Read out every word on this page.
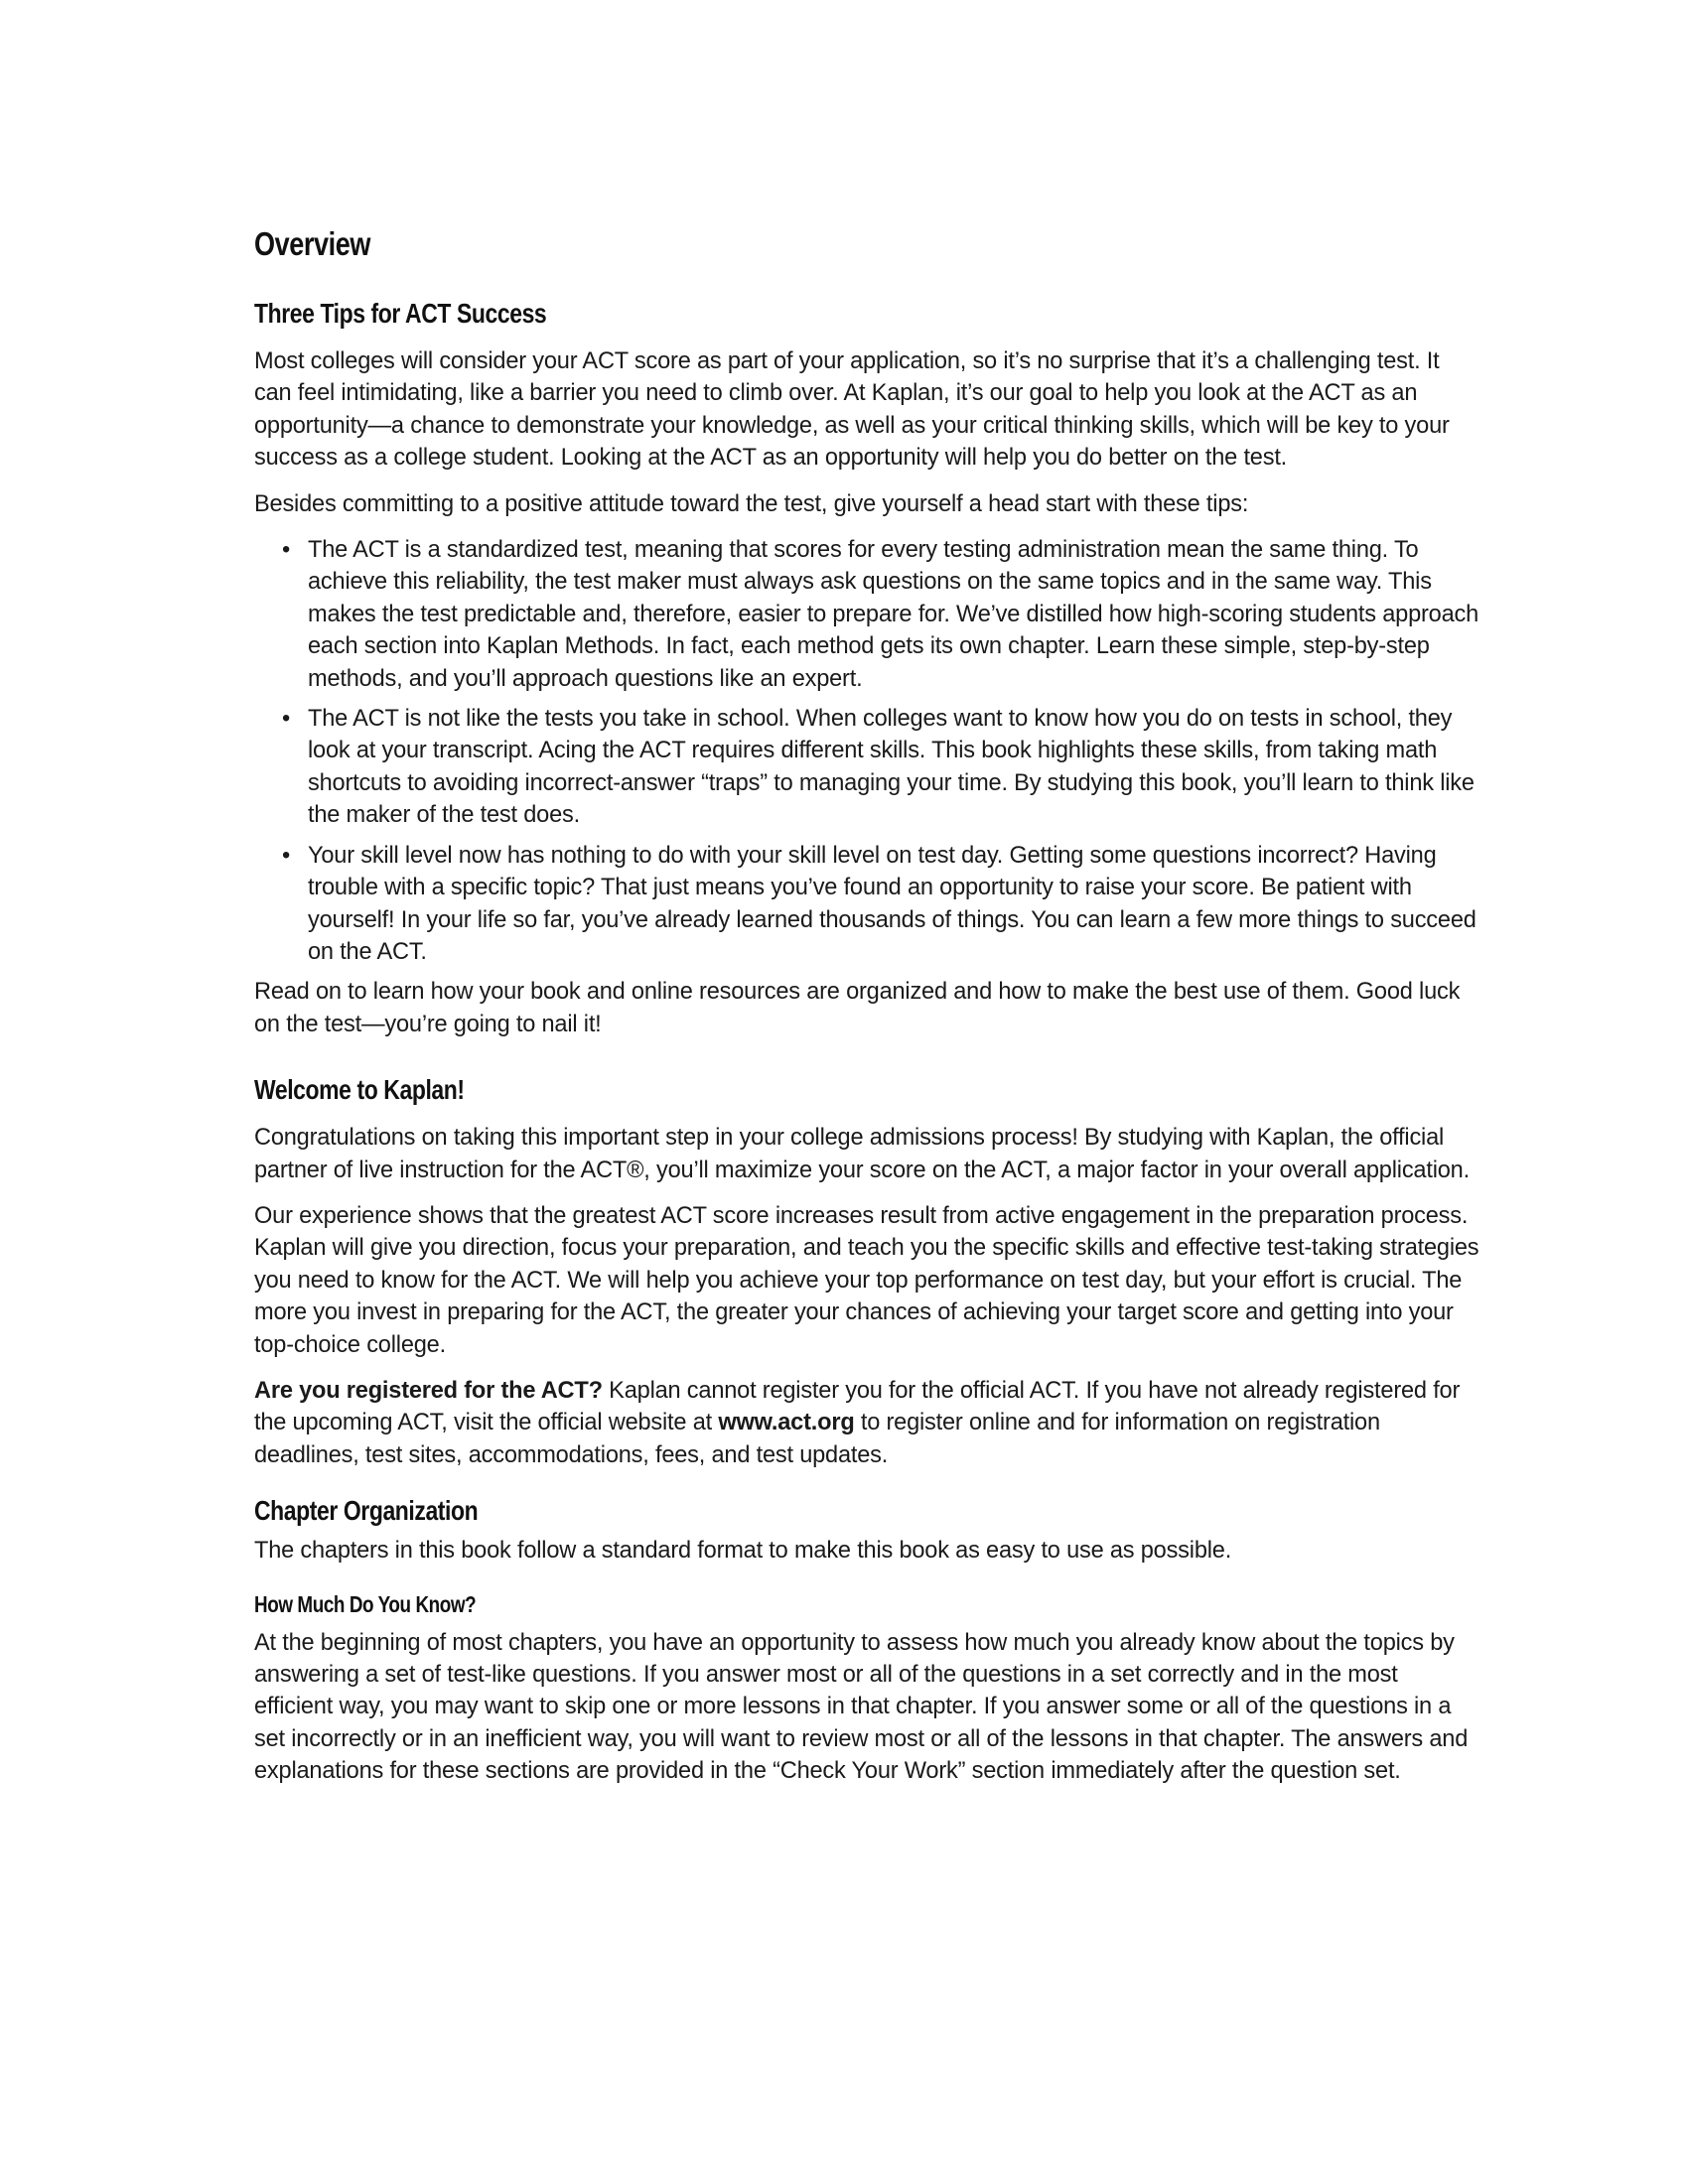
Overview
Three Tips for ACT Success

Most colleges will consider your ACT score as part of your application, so it’s no surprise that it’s a challenging test. It can feel intimidating, like a barrier you need to climb over. At Kaplan, it’s our goal to help you look at the ACT as an opportunity—a chance to demonstrate your knowledge, as well as your critical thinking skills, which will be key to your success as a college student. Looking at the ACT as an opportunity will help you do better on the test.

Besides committing to a positive attitude toward the test, give yourself a head start with these tips:

• The ACT is a standardized test, meaning that scores for every testing administration mean the same thing. To achieve this reliability, the test maker must always ask questions on the same topics and in the same way. This makes the test predictable and, therefore, easier to prepare for. We’ve distilled how high-scoring students approach each section into Kaplan Methods. In fact, each method gets its own chapter. Learn these simple, step-by-step methods, and you’ll approach questions like an expert.
• The ACT is not like the tests you take in school. When colleges want to know how you do on tests in school, they look at your transcript. Acing the ACT requires different skills. This book highlights these skills, from taking math shortcuts to avoiding incorrect-answer “traps” to managing your time. By studying this book, you’ll learn to think like the maker of the test does.
• Your skill level now has nothing to do with your skill level on test day. Getting some questions incorrect? Having trouble with a specific topic? That just means you’ve found an opportunity to raise your score. Be patient with yourself! In your life so far, you’ve already learned thousands of things. You can learn a few more things to succeed on the ACT.

Read on to learn how your book and online resources are organized and how to make the best use of them. Good luck on the test—you’re going to nail it!

Welcome to Kaplan!

Congratulations on taking this important step in your college admissions process! By studying with Kaplan, the official partner of live instruction for the ACT®, you’ll maximize your score on the ACT, a major factor in your overall application.

Our experience shows that the greatest ACT score increases result from active engagement in the preparation process. Kaplan will give you direction, focus your preparation, and teach you the specific skills and effective test-taking strategies you need to know for the ACT. We will help you achieve your top performance on test day, but your effort is crucial. The more you invest in preparing for the ACT, the greater your chances of achieving your target score and getting into your top-choice college.

Are you registered for the ACT? Kaplan cannot register you for the official ACT. If you have not already registered for the upcoming ACT, visit the official website at www.act.org to register online and for information on registration deadlines, test sites, accommodations, fees, and test updates.

Chapter Organization

The chapters in this book follow a standard format to make this book as easy to use as possible.

How Much Do You Know?

At the beginning of most chapters, you have an opportunity to assess how much you already know about the topics by answering a set of test-like questions. If you answer most or all of the questions in a set correctly and in the most efficient way, you may want to skip one or more lessons in that chapter. If you answer some or all of the questions in a set incorrectly or in an inefficient way, you will want to review most or all of the lessons in that chapter. The answers and explanations for these sections are provided in the “Check Your Work” section immediately after the question set.
